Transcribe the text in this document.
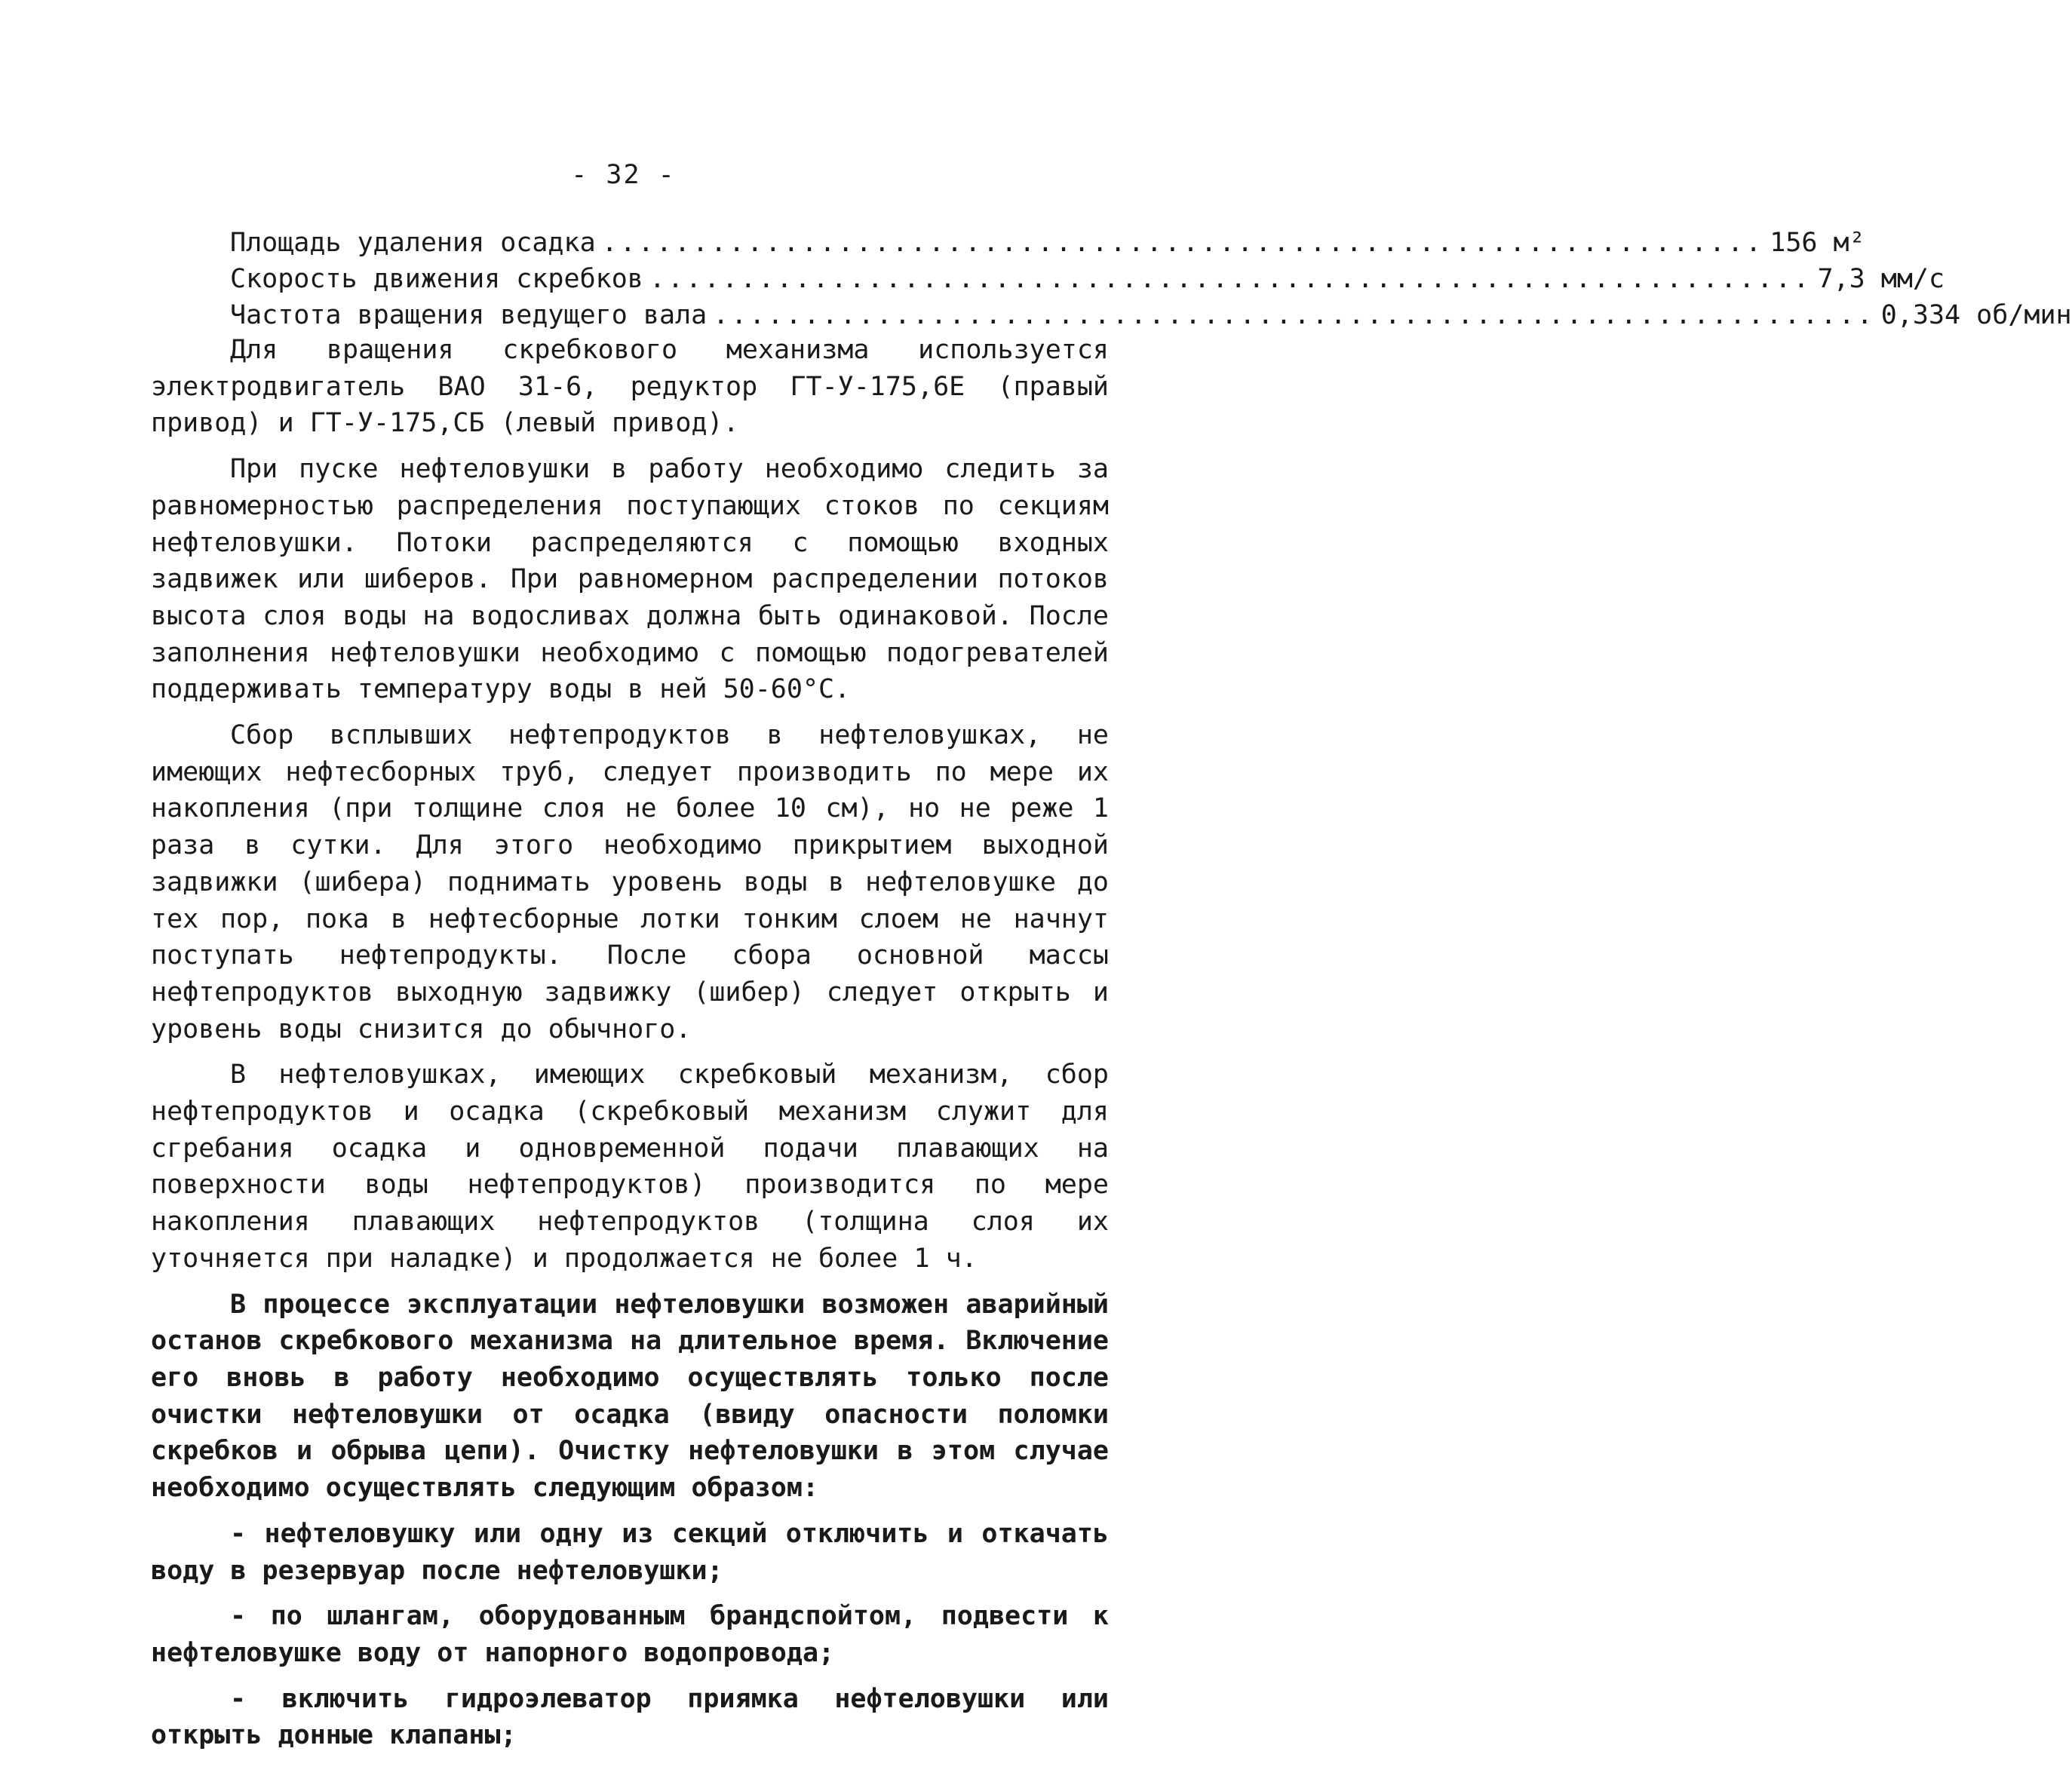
- 32 -
Площадь удаления осадка ................................................................ 156 м²
Скорость движения скребков ................................................................ 7,3 мм/с
Частота вращения ведущего вала ................................................................ 0,334 об/мин

Для вращения скребкового механизма используется электродвигатель ВАО 31-6, редуктор ГТ-У-175,6Е (правый привод) и ГТ-У-175,СБ (левый привод).

При пуске нефтеловушки в работу необходимо следить за равномерностью распределения поступающих стоков по секциям нефтеловушки. Потоки распределяются с помощью входных задвижек или шиберов. При равномерном распределении потоков высота слоя воды на водосливах должна быть одинаковой. После заполнения нефтеловушки необходимо с помощью подогревателей поддерживать температуру воды в ней 50-60°С.

Сбор всплывших нефтепродуктов в нефтеловушках, не имеющих нефтесборных труб, следует производить по мере их накопления (при толщине слоя не более 10 см), но не реже 1 раза в сутки. Для этого необходимо прикрытием выходной задвижки (шибера) поднимать уровень воды в нефтеловушке до тех пор, пока в нефтесборные лотки тонким слоем не начнут поступать нефтепродукты. После сбора основной массы нефтепродуктов выходную задвижку (шибер) следует открыть и уровень воды снизится до обычного.

В нефтеловушках, имеющих скребковый механизм, сбор нефтепродуктов и осадка (скребковый механизм служит для сгребания осадка и одновременной подачи плавающих на поверхности воды нефтепродуктов) производится по мере накопления плавающих нефтепродуктов (толщина слоя их уточняется при наладке) и продолжается не более 1 ч.

В процессе эксплуатации нефтеловушки возможен аварийный останов скребкового механизма на длительное время. Включение его вновь в работу необходимо осуществлять только после очистки нефтеловушки от осадка (ввиду опасности поломки скребков и обрыва цепи). Очистку нефтеловушки в этом случае необходимо осуществлять следующим образом:

- нефтеловушку или одну из секций отключить и откачать воду в резервуар после нефтеловушки;

- по шлангам, оборудованным брандспойтом, подвести к нефтеловушке воду от напорного водопровода;

- включить гидроэлеватор приямка нефтеловушки или открыть донные клапаны;
